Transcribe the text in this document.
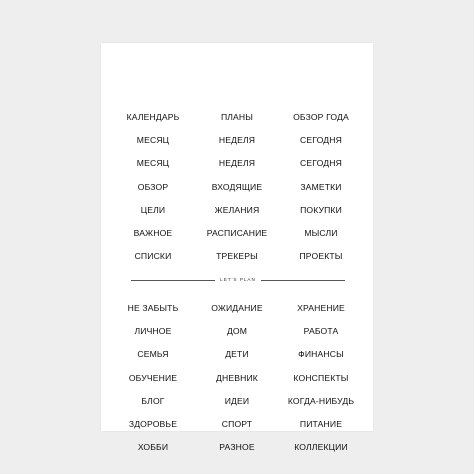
КАЛЕНДАРЬ	ПЛАНЫ	ОБЗОР ГОДА
МЕСЯЦ	НЕДЕЛЯ	СЕГОДНЯ
МЕСЯЦ	НЕДЕЛЯ	СЕГОДНЯ
ОБЗОР	ВХОДЯЩИЕ	ЗАМЕТКИ
ЦЕЛИ	ЖЕЛАНИЯ	ПОКУПКИ
ВАЖНОЕ	РАСПИСАНИЕ	МЫСЛИ
СПИСКИ	ТРЕКЕРЫ	ПРОЕКТЫ
LET'S PLAN
НЕ ЗАБЫТЬ	ОЖИДАНИЕ	ХРАНЕНИЕ
ЛИЧНОЕ	ДОМ	РАБОТА
СЕМЬЯ	ДЕТИ	ФИНАНСЫ
ОБУЧЕНИЕ	ДНЕВНИК	КОНСПЕКТЫ
БЛОГ	ИДЕИ	КОГДА-НИБУДЬ
ЗДОРОВЬЕ	СПОРТ	ПИТАНИЕ
ХОББИ	РАЗНОЕ	КОЛЛЕКЦИИ
